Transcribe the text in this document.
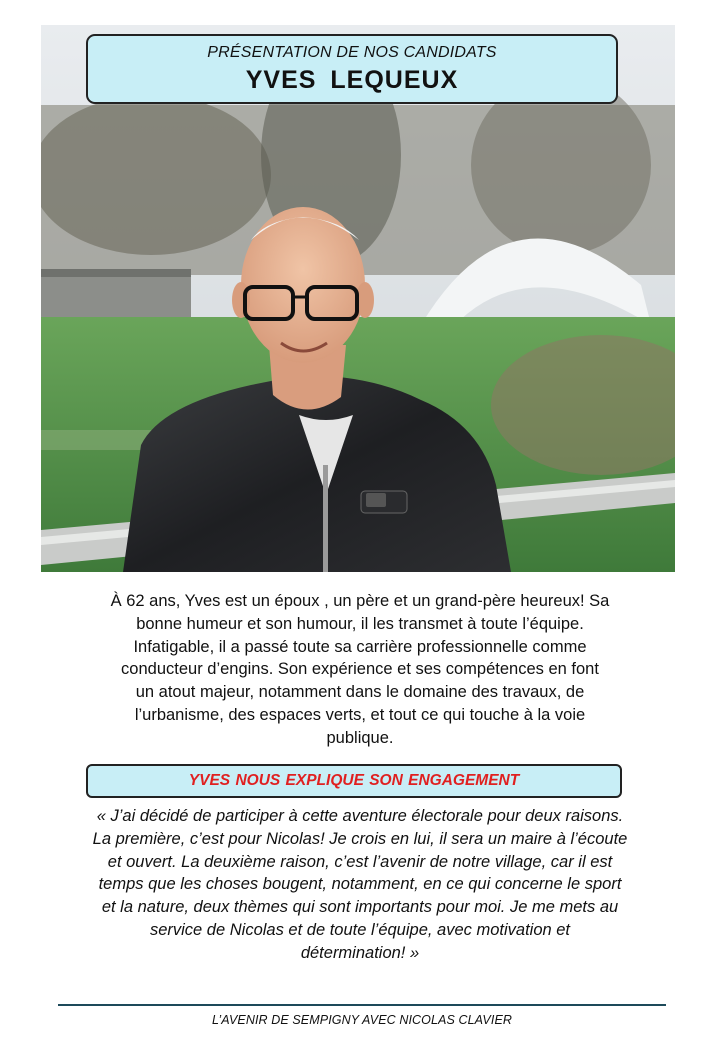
PRÉSENTATION DE NOS CANDIDATS
YVES LEQUEUX
À 62 ans, Yves est un époux , un père et un grand-père heureux! Sa
bonne humeur et son humour, il les transmet à toute l’équipe.
Infatigable, il a passé toute sa carrière professionnelle comme
conducteur d’engins. Son expérience et ses compétences en font
un atout majeur, notamment dans le domaine des travaux, de
l’urbanisme, des espaces verts, et tout ce qui touche à la voie
publique.
YVES NOUS EXPLIQUE SON ENGAGEMENT
« J’ai décidé de participer à cette aventure électorale pour deux raisons.
La première, c’est pour Nicolas! Je crois en lui, il sera un maire à l’écoute
et ouvert. La deuxième raison, c’est l’avenir de notre village, car il est
temps que les choses bougent, notamment, en ce qui concerne le sport
et la nature, deux thèmes qui sont importants pour moi. Je me mets au
service de Nicolas et de toute l’équipe, avec motivation et
détermination! »
L’AVENIR DE SEMPIGNY AVEC NICOLAS CLAVIER
